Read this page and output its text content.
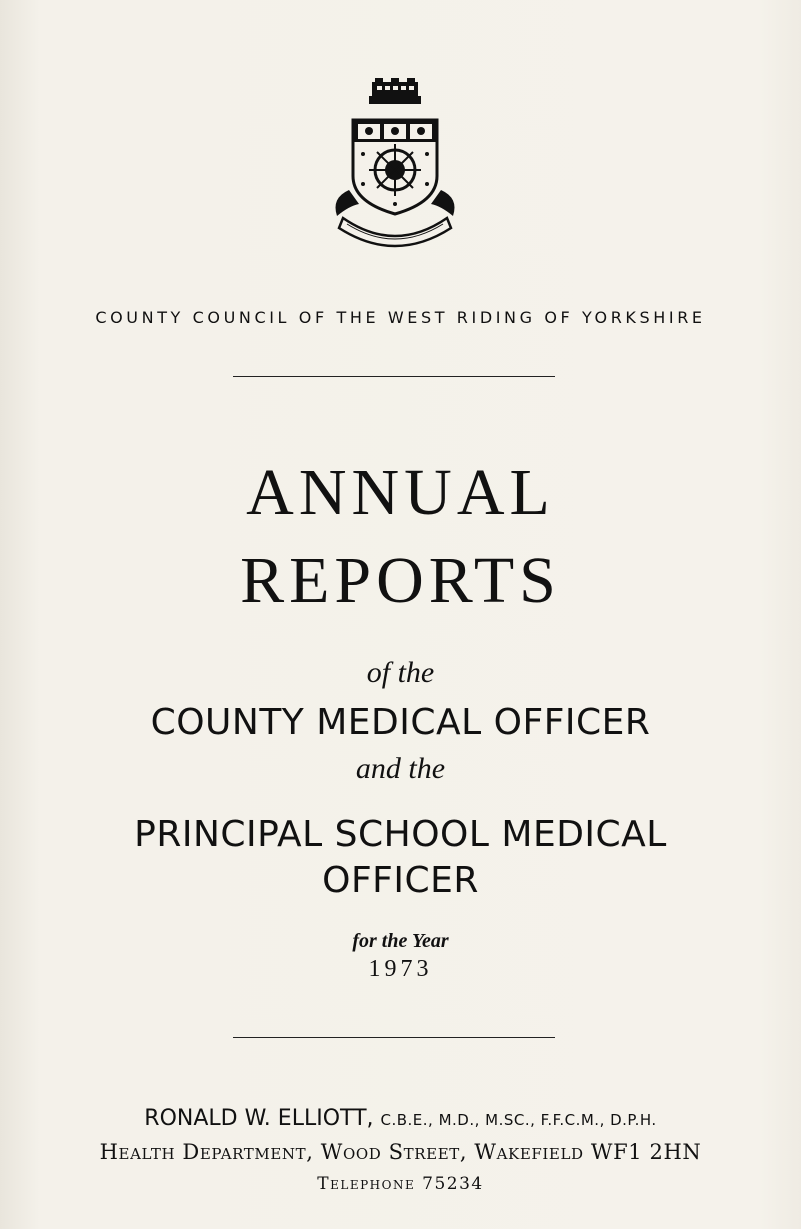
COUNTY COUNCIL OF THE WEST RIDING OF YORKSHIRE
ANNUAL
REPORTS
of the
COUNTY MEDICAL OFFICER
and the
PRINCIPAL SCHOOL MEDICAL
OFFICER
for the Year
1973
RONALD W. ELLIOTT, C.B.E., M.D., M.SC., F.F.C.M., D.P.H.
Health Department, Wood Street, Wakefield WF1 2HN
Telephone 75234
